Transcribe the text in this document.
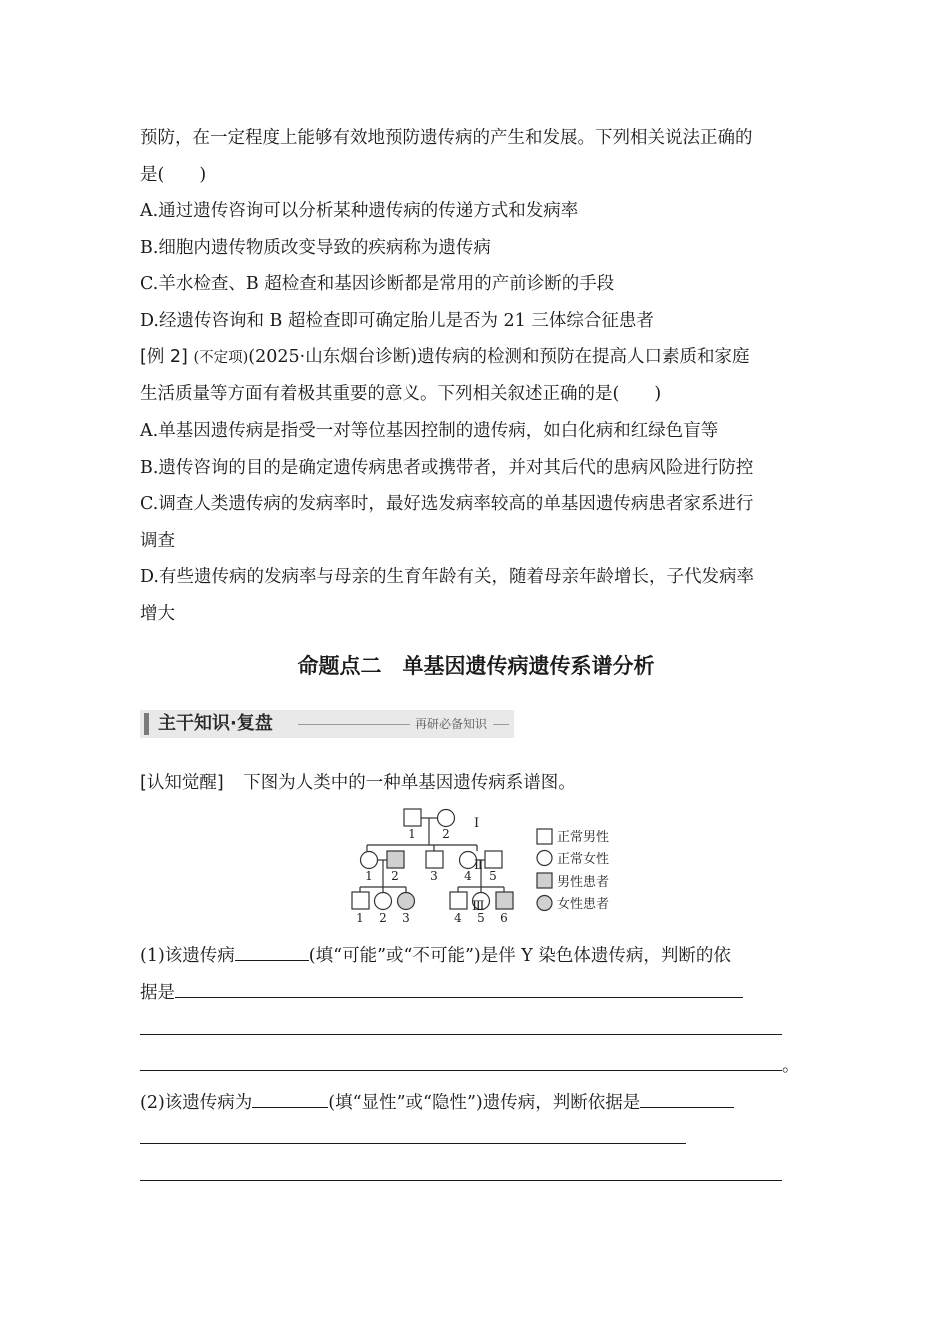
预防，在一定程度上能够有效地预防遗传病的产生和发展。下列相关说法正确的
是(　　)
A.通过遗传咨询可以分析某种遗传病的传递方式和发病率
B.细胞内遗传物质改变导致的疾病称为遗传病
C.羊水检查、B 超检查和基因诊断都是常用的产前诊断的手段
D.经遗传咨询和 B 超检查即可确定胎儿是否为 21 三体综合征患者
[例 2] (不定项)(2025·山东烟台诊断)遗传病的检测和预防在提高人口素质和家庭
生活质量等方面有着极其重要的意义。下列相关叙述正确的是(　　)
A.单基因遗传病是指受一对等位基因控制的遗传病，如白化病和红绿色盲等
B.遗传咨询的目的是确定遗传病患者或携带者，并对其后代的患病风险进行防控
C.调查人类遗传病的发病率时，最好选发病率较高的单基因遗传病患者家系进行
调查
D.有些遗传病的发病率与母亲的生育年龄有关，随着母亲年龄增长，子代发病率
增大
命题点二　单基因遗传病遗传系谱分析
主干知识·复盘	再研必备知识
[认知觉醒] 下图为人类中的一种单基因遗传病系谱图。
Ⅰ
Ⅱ
Ⅲ
1 2
1 2	3 4 5
1 2 3	4 5 6
正常男性
正常女性
男性患者
女性患者
(1)该遗传病	(填“可能”或“不可能”)是伴 Y 染色体遗传病，判断的依
据是
。
(2)该遗传病为	(填“显性”或“隐性”)遗传病，判断依据是
